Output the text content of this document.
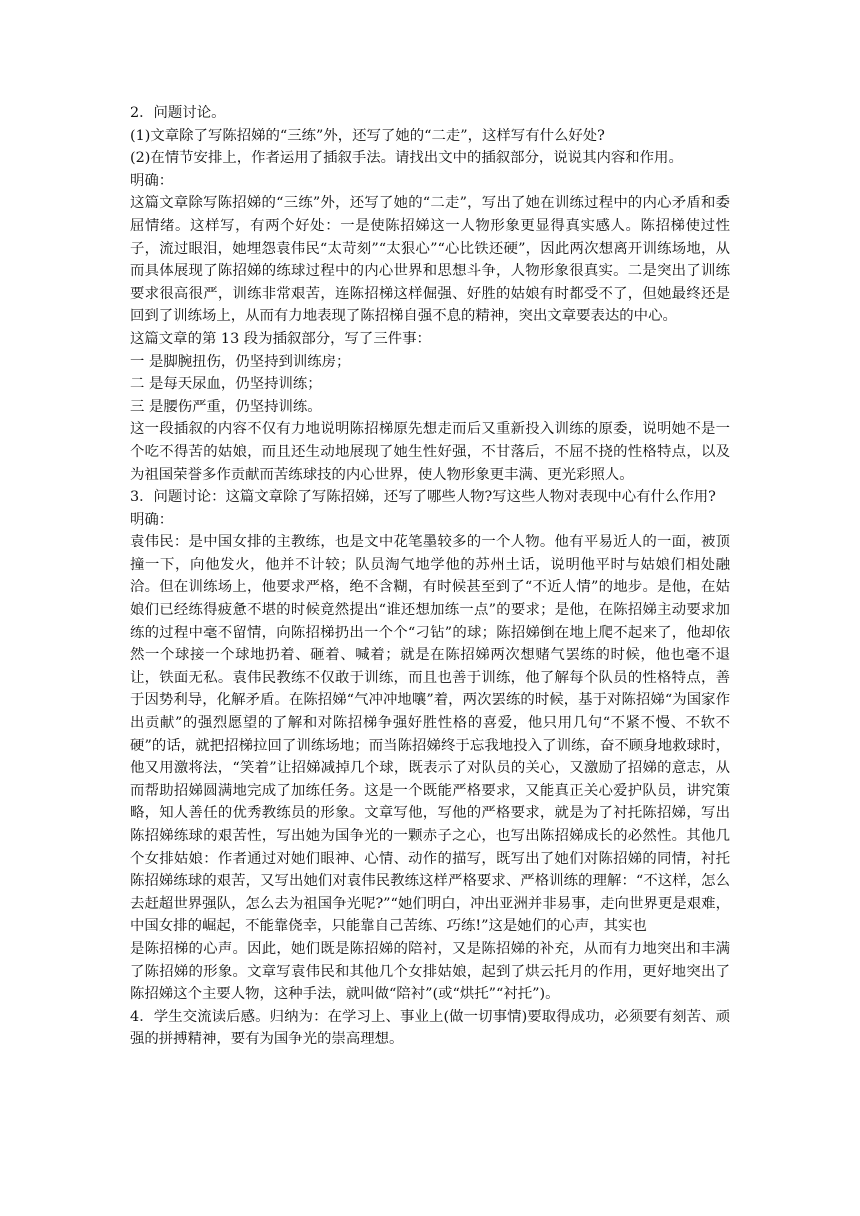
2．问题讨论。

(1)文章除了写陈招娣的“三练”外，还写了她的“二走”，这样写有什么好处?

(2)在情节安排上，作者运用了插叙手法。请找出文中的插叙部分，说说其内容和作用。

明确：

这篇文章除写陈招娣的“三练”外，还写了她的“二走”，写出了她在训练过程中的内心矛盾和委屈情绪。这样写，有两个好处：一是使陈招娣这一人物形象更显得真实感人。陈招梯使过性子，流过眼泪，她埋怨袁伟民“太苛刻”“太狠心”“心比铁还硬”，因此两次想离开训练场地，从而具体展现了陈招娣的练球过程中的内心世界和思想斗争，人物形象很真实。二是突出了训练要求很高很严，训练非常艰苦，连陈招梯这样倔强、好胜的姑娘有时都受不了，但她最终还是回到了训练场上，从而有力地表现了陈招梯自强不息的精神，突出文章要表达的中心。

这篇文章的第 13 段为插叙部分，写了三件事：

一 是脚腕扭伤，仍坚持到训练房；

二 是每天尿血，仍坚持训练；

三 是腰伤严重，仍坚持训练。

这一段插叙的内容不仅有力地说明陈招梯原先想走而后又重新投入训练的原委，说明她不是一个吃不得苦的姑娘，而且还生动地展现了她生性好强，不甘落后，不屈不挠的性格特点，以及为祖国荣誉多作贡献而苦练球技的内心世界，使人物形象更丰满、更光彩照人。

3．问题讨论：这篇文章除了写陈招娣，还写了哪些人物?写这些人物对表现中心有什么作用?

明确：

袁伟民：是中国女排的主教练，也是文中花笔墨较多的一个人物。他有平易近人的一面，被顶撞一下，向他发火，他并不计较；队员淘气地学他的苏州土话，说明他平时与姑娘们相处融洽。但在训练场上，他要求严格，绝不含糊，有时候甚至到了“不近人情”的地步。是他，在姑娘们已经练得疲惫不堪的时候竟然提出“谁还想加练一点”的要求；是他，在陈招娣主动要求加练的过程中毫不留情，向陈招梯扔出一个个“刁钻”的球；陈招娣倒在地上爬不起来了，他却依然一个球接一个球地扔着、砸着、喊着；就是在陈招娣两次想赌气罢练的时候，他也毫不退让，铁面无私。袁伟民教练不仅敢于训练，而且也善于训练，他了解每个队员的性格特点，善于因势利导，化解矛盾。在陈招娣“气冲冲地嚷”着，两次罢练的时候，基于对陈招娣“为国家作出贡献”的强烈愿望的了解和对陈招梯争强好胜性格的喜爱，他只用几句“不紧不慢、不软不硬”的话，就把招梯拉回了训练场地；而当陈招娣终于忘我地投入了训练，奋不顾身地救球时，他又用激将法，“笑着”让招娣减掉几个球，既表示了对队员的关心，又激励了招娣的意志，从而帮助招娣圆满地完成了加练任务。这是一个既能严格要求，又能真正关心爱护队员，讲究策略，知人善任的优秀教练员的形象。文章写他，写他的严格要求，就是为了衬托陈招娣，写出陈招娣练球的艰苦性，写出她为国争光的一颗赤子之心，也写出陈招娣成长的必然性。其他几个女排姑娘：作者通过对她们眼神、心情、动作的描写，既写出了她们对陈招娣的同情，衬托陈招娣练球的艰苦，又写出她们对袁伟民教练这样严格要求、严格训练的理解：“不这样，怎么去赶超世界强队，怎么去为祖国争光呢?”“她们明白，冲出亚洲并非易事，走向世界更是艰难，中国女排的崛起，不能靠侥幸，只能靠自己苦练、巧练!”这是她们的心声，其实也

是陈招梯的心声。因此，她们既是陈招娣的陪衬，又是陈招娣的补充，从而有力地突出和丰满了陈招娣的形象。文章写袁伟民和其他几个女排姑娘，起到了烘云托月的作用，更好地突出了陈招娣这个主要人物，这种手法，就叫做“陪衬”(或“烘托”“衬托”)。

4．学生交流读后感。归纳为：在学习上、事业上(做一切事情)要取得成功，必须要有刻苦、顽强的拼搏精神，要有为国争光的崇高理想。
